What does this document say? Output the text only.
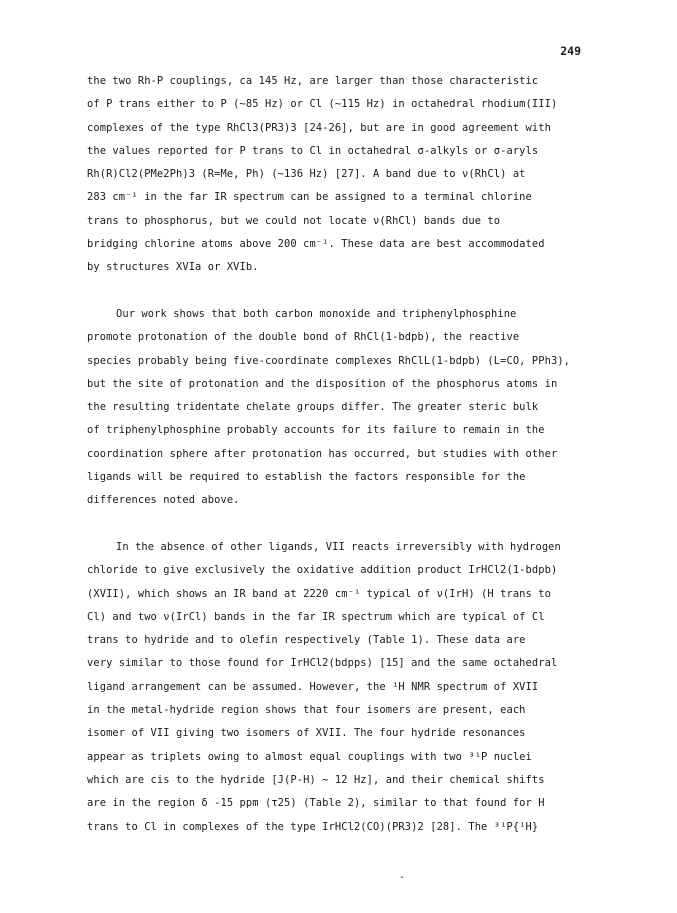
249
the two Rh-P couplings, ca 145 Hz, are larger than those characteristic
of P trans either to P (~85 Hz) or Cl (~115 Hz) in octahedral rhodium(III)
complexes of the type RhCl3(PR3)3 [24-26], but are in good agreement with
the values reported for P trans to Cl in octahedral σ-alkyls or σ-aryls
Rh(R)Cl2(PMe2Ph)3 (R=Me, Ph) (~136 Hz) [27]. A band due to ν(RhCl) at
283 cm⁻¹ in the far IR spectrum can be assigned to a terminal chlorine
trans to phosphorus, but we could not locate ν(RhCl) bands due to
bridging chlorine atoms above 200 cm⁻¹. These data are best accommodated
by structures XVIa or XVIb.
Our work shows that both carbon monoxide and triphenylphosphine
promote protonation of the double bond of RhCl(1-bdpb), the reactive
species probably being five-coordinate complexes RhClL(1-bdpb) (L=CO, PPh3),
but the site of protonation and the disposition of the phosphorus atoms in
the resulting tridentate chelate groups differ. The greater steric bulk
of triphenylphosphine probably accounts for its failure to remain in the
coordination sphere after protonation has occurred, but studies with other
ligands will be required to establish the factors responsible for the
differences noted above.
In the absence of other ligands, VII reacts irreversibly with hydrogen
chloride to give exclusively the oxidative addition product IrHCl2(1-bdpb)
(XVII), which shows an IR band at 2220 cm⁻¹ typical of ν(IrH) (H trans to
Cl) and two ν(IrCl) bands in the far IR spectrum which are typical of Cl
trans to hydride and to olefin respectively (Table 1). These data are
very similar to those found for IrHCl2(bdpps) [15] and the same octahedral
ligand arrangement can be assumed. However, the ¹H NMR spectrum of XVII
in the metal-hydride region shows that four isomers are present, each
isomer of VII giving two isomers of XVII. The four hydride resonances
appear as triplets owing to almost equal couplings with two ³¹P nuclei
which are cis to the hydride [J(P-H) ~ 12 Hz], and their chemical shifts
are in the region δ -15 ppm (τ25) (Table 2), similar to that found for H
trans to Cl in complexes of the type IrHCl2(CO)(PR3)2 [28]. The ³¹P{¹H}
-
